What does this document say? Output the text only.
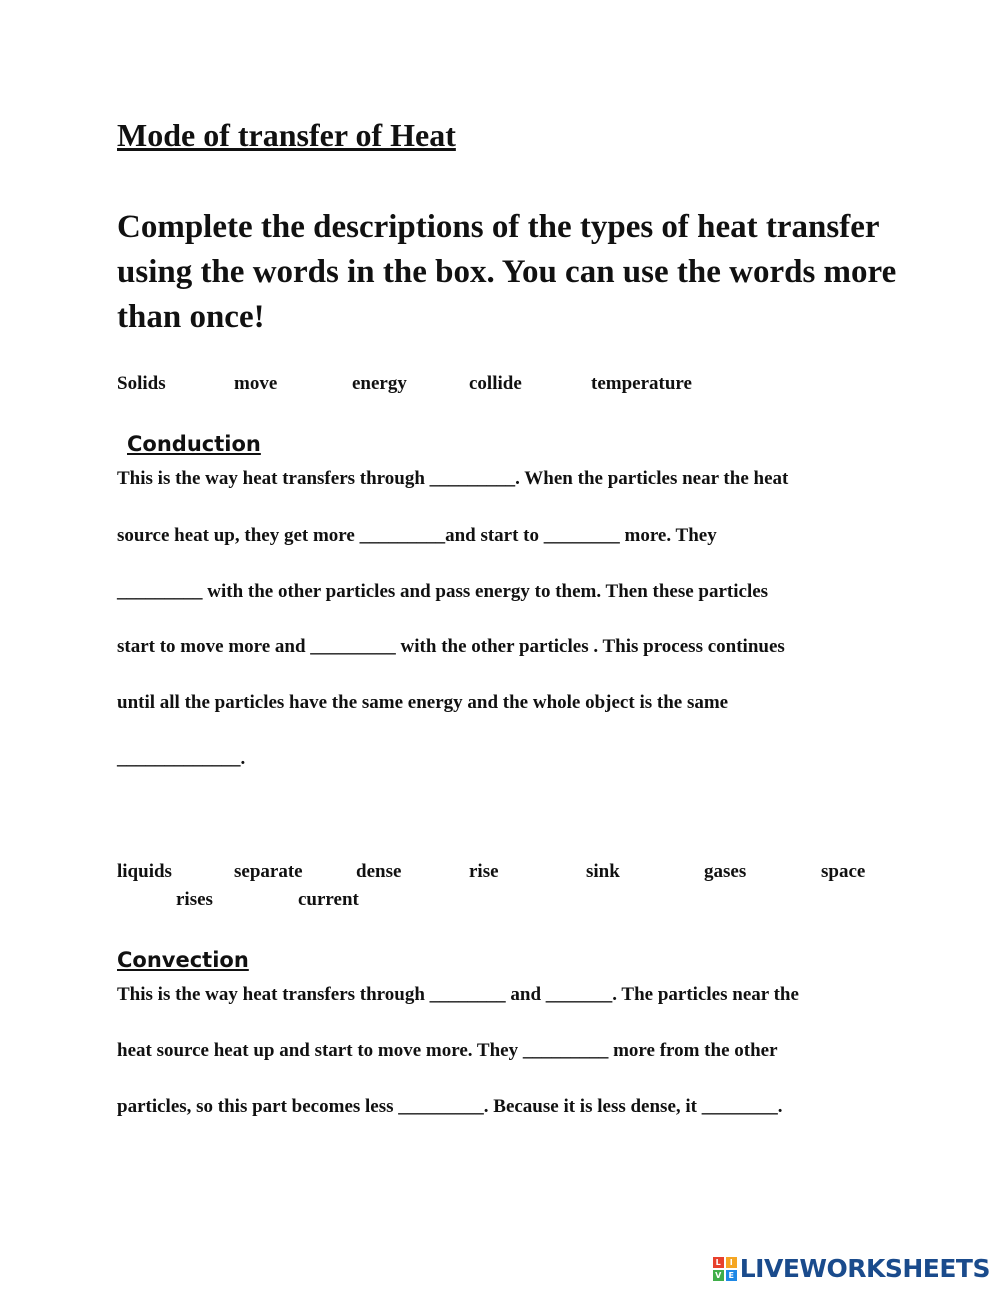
Mode of transfer of Heat
Complete the descriptions of the types of heat transfer using the words in the box. You can use the words more than once!
Solids	move	energy	collide	temperature
Conduction
This is the way heat transfers through _________. When the particles near the heat
source heat up, they get more _________and start to ________ more. They
_________ with the other particles and pass energy to them. Then these particles
start to move more and _________ with the other particles . This process continues
until all the particles have the same energy and the whole object is the same
_____________.
liquids	separate	dense	rise	sink	gases	space
rises	current
Convection
This is the way heat transfers through ________ and _______. The particles near the
heat source heat up and start to move more. They _________ more from the other
particles, so this part becomes less _________. Because it is less dense, it ________.
L	I
V E LIVEWORKSHEETS
